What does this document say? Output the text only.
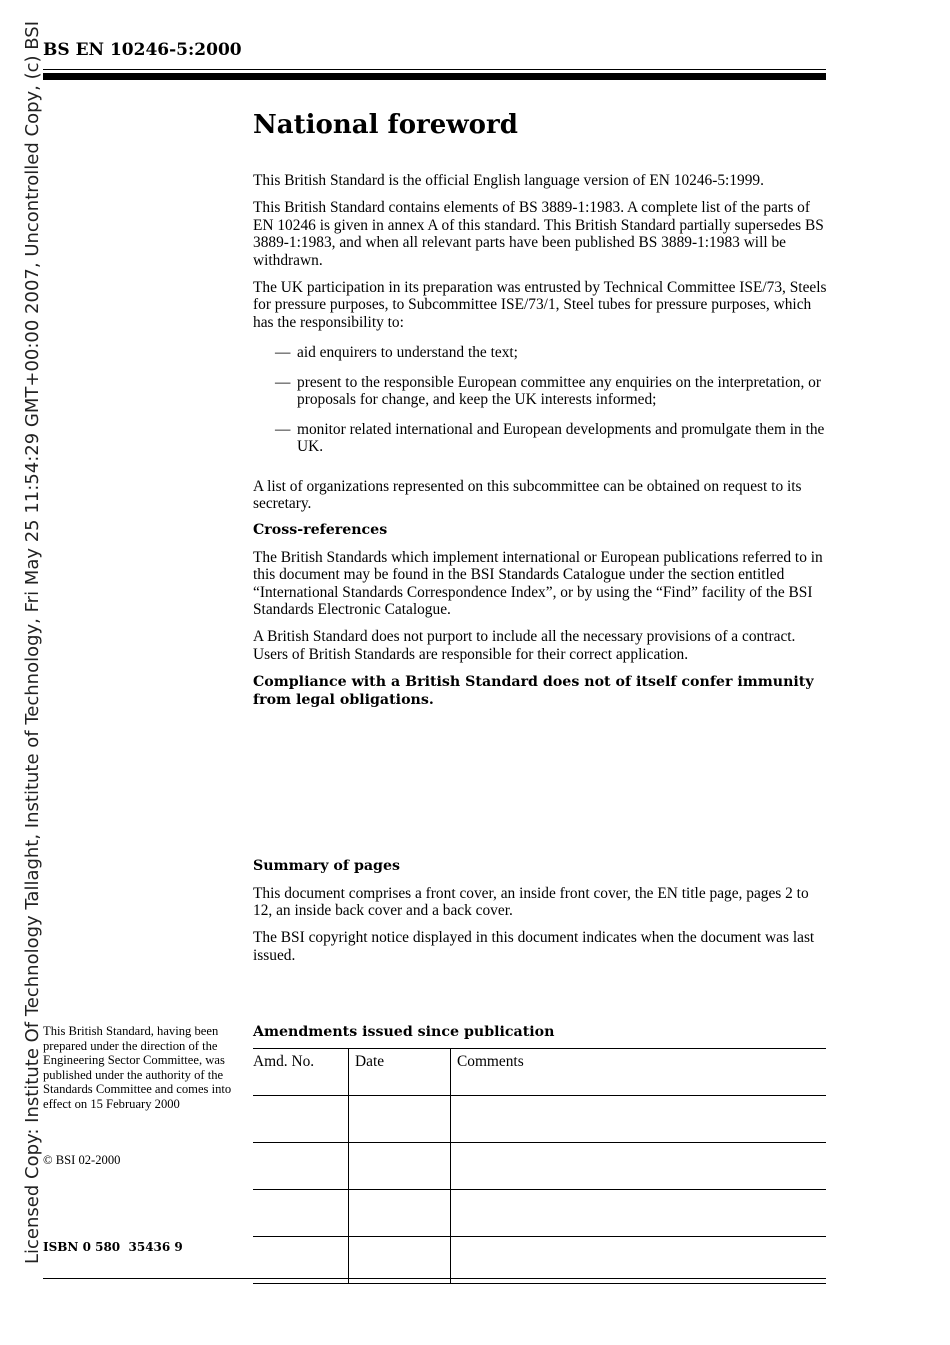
BS EN 10246-5:2000
Licensed Copy: Institute Of Technology Tallaght, Institute of Technology, Fri May 25 11:54:29 GMT+00:00 2007, Uncontrolled Copy, (c) BSI	National foreword

This British Standard is the official English language version of EN 10246-5:1999.

This British Standard contains elements of BS 3889-1:1983. A complete list of the parts of EN 10246 is given in annex A of this standard. This British Standard partially supersedes BS 3889-1:1983, and when all relevant parts have been published BS 3889-1:1983 will be withdrawn.

The UK participation in its preparation was entrusted by Technical Committee ISE/73, Steels for pressure purposes, to Subcommittee ISE/73/1, Steel tubes for pressure purposes, which has the responsibility to:

— aid enquirers to understand the text;
— present to the responsible European committee any enquiries on the interpretation, or proposals for change, and keep the UK interests informed;
— monitor related international and European developments and promulgate them in the UK.

A list of organizations represented on this subcommittee can be obtained on request to its secretary.

Cross-references

The British Standards which implement international or European publications referred to in this document may be found in the BSI Standards Catalogue under the section entitled “International Standards Correspondence Index”, or by using the “Find” facility of the BSI Standards Electronic Catalogue.

A British Standard does not purport to include all the necessary provisions of a contract. Users of British Standards are responsible for their correct application.

Compliance with a British Standard does not of itself confer immunity from legal obligations.

Summary of pages

This document comprises a front cover, an inside front cover, the EN title page, pages 2 to 12, an inside back cover and a back cover.

The BSI copyright notice displayed in this document indicates when the document was last issued.

Amendments issued since publication
Amd. No.	Date	Comments

This British Standard, having been prepared under the direction of the Engineering Sector Committee, was published under the authority of the Standards Committee and comes into effect on 15 February 2000
© BSI 02-2000
ISBN 0 580  35436 9
